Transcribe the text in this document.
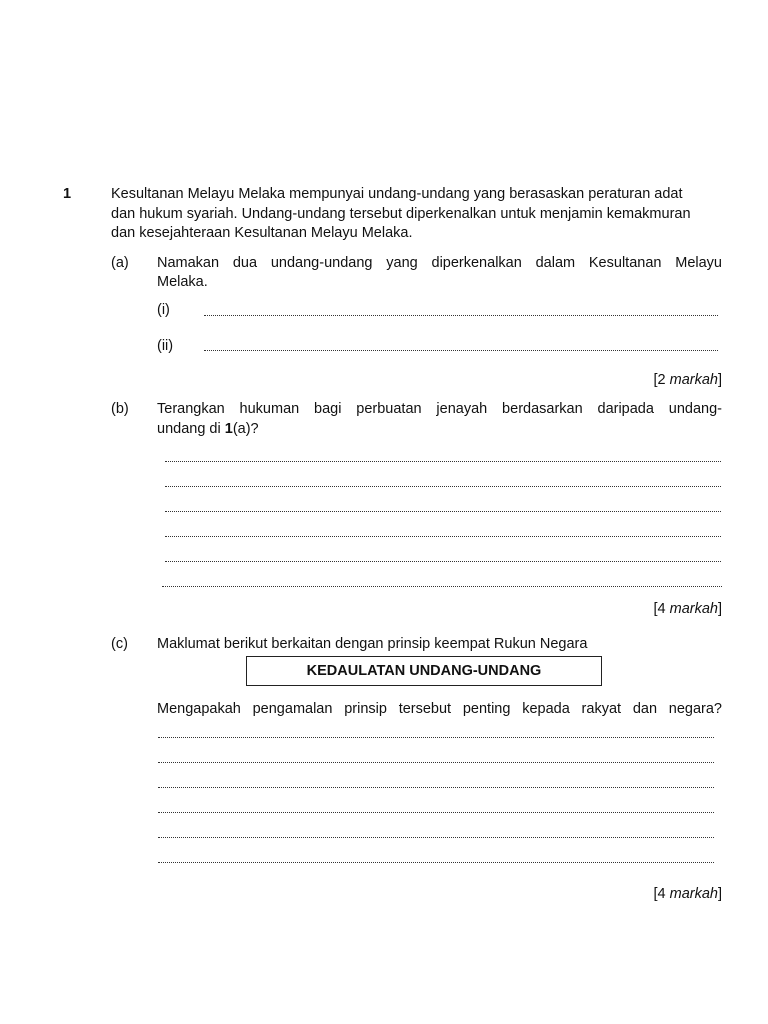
1	Kesultanan Melayu Melaka mempunyai undang-undang yang berasaskan peraturan adat
dan hukum syariah. Undang-undang tersebut diperkenalkan untuk menjamin kemakmuran
dan kesejahteraan Kesultanan Melayu Melaka.
(a) Namakan dua undang-undang yang diperkenalkan dalam Kesultanan Melayu
Melaka.
(i)
(ii)
[2 markah]
(b) Terangkan hukuman bagi perbuatan jenayah berdasarkan daripada undang-
undang di 1(a)?
[4 markah]
(c) Maklumat berikut berkaitan dengan prinsip keempat Rukun Negara
KEDAULATAN UNDANG-UNDANG
Mengapakah pengamalan prinsip tersebut penting kepada rakyat dan negara?
[4 markah]
